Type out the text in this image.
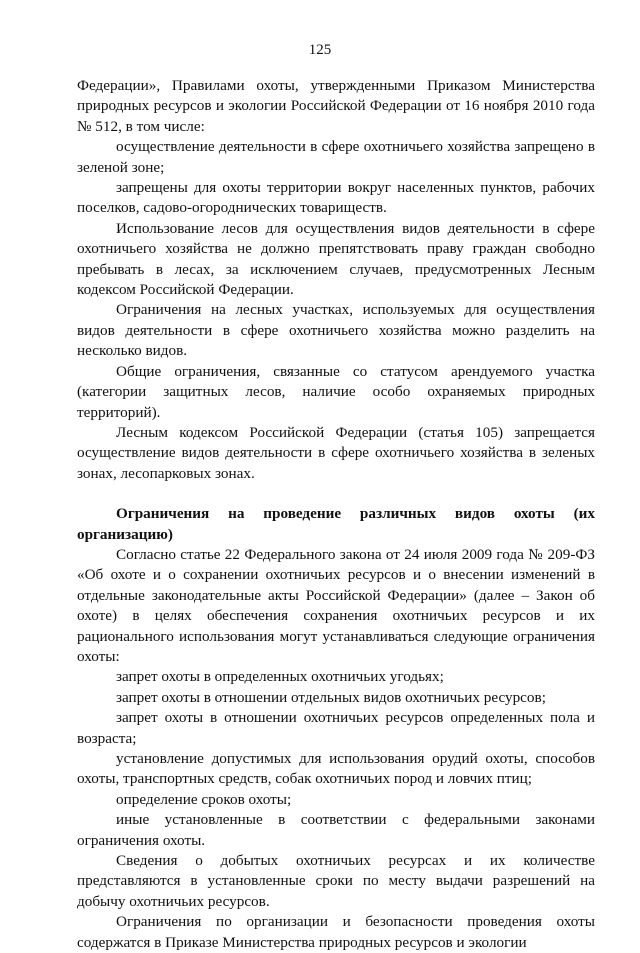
125

Федерации», Правилами охоты, утвержденными Приказом Министерства природных ресурсов и экологии Российской Федерации от 16 ноября 2010 года № 512, в том числе:

осуществление деятельности в сфере охотничьего хозяйства запрещено в зеленой зоне;

запрещены для охоты территории вокруг населенных пунктов, рабочих поселков, садово-огороднических товариществ.

Использование лесов для осуществления видов деятельности в сфере охотничьего хозяйства не должно препятствовать праву граждан свободно пребывать в лесах, за исключением случаев, предусмотренных Лесным кодексом Российской Федерации.

Ограничения на лесных участках, используемых для осуществления видов деятельности в сфере охотничьего хозяйства можно разделить на несколько видов.

Общие ограничения, связанные со статусом арендуемого участка (категории защитных лесов, наличие особо охраняемых природных территорий).

Лесным кодексом Российской Федерации (статья 105) запрещается осуществление видов деятельности в сфере охотничьего хозяйства в зеленых зонах, лесопарковых зонах.

Ограничения на проведение различных видов охоты (их организацию)

Согласно статье 22 Федерального закона от 24 июля 2009 года № 209-ФЗ «Об охоте и о сохранении охотничьих ресурсов и о внесении изменений в отдельные законодательные акты Российской Федерации» (далее – Закон об охоте) в целях обеспечения сохранения охотничьих ресурсов и их рационального использования могут устанавливаться следующие ограничения охоты:

запрет охоты в определенных охотничьих угодьях;

запрет охоты в отношении отдельных видов охотничьих ресурсов;

запрет охоты в отношении охотничьих ресурсов определенных пола и возраста;

установление допустимых для использования орудий охоты, способов охоты, транспортных средств, собак охотничьих пород и ловчих птиц;

определение сроков охоты;

иные установленные в соответствии с федеральными законами ограничения охоты.

Сведения о добытых охотничьих ресурсах и их количестве представляются в установленные сроки по месту выдачи разрешений на добычу охотничьих ресурсов.

Ограничения по организации и безопасности проведения охоты содержатся в Приказе Министерства природных ресурсов и экологии
